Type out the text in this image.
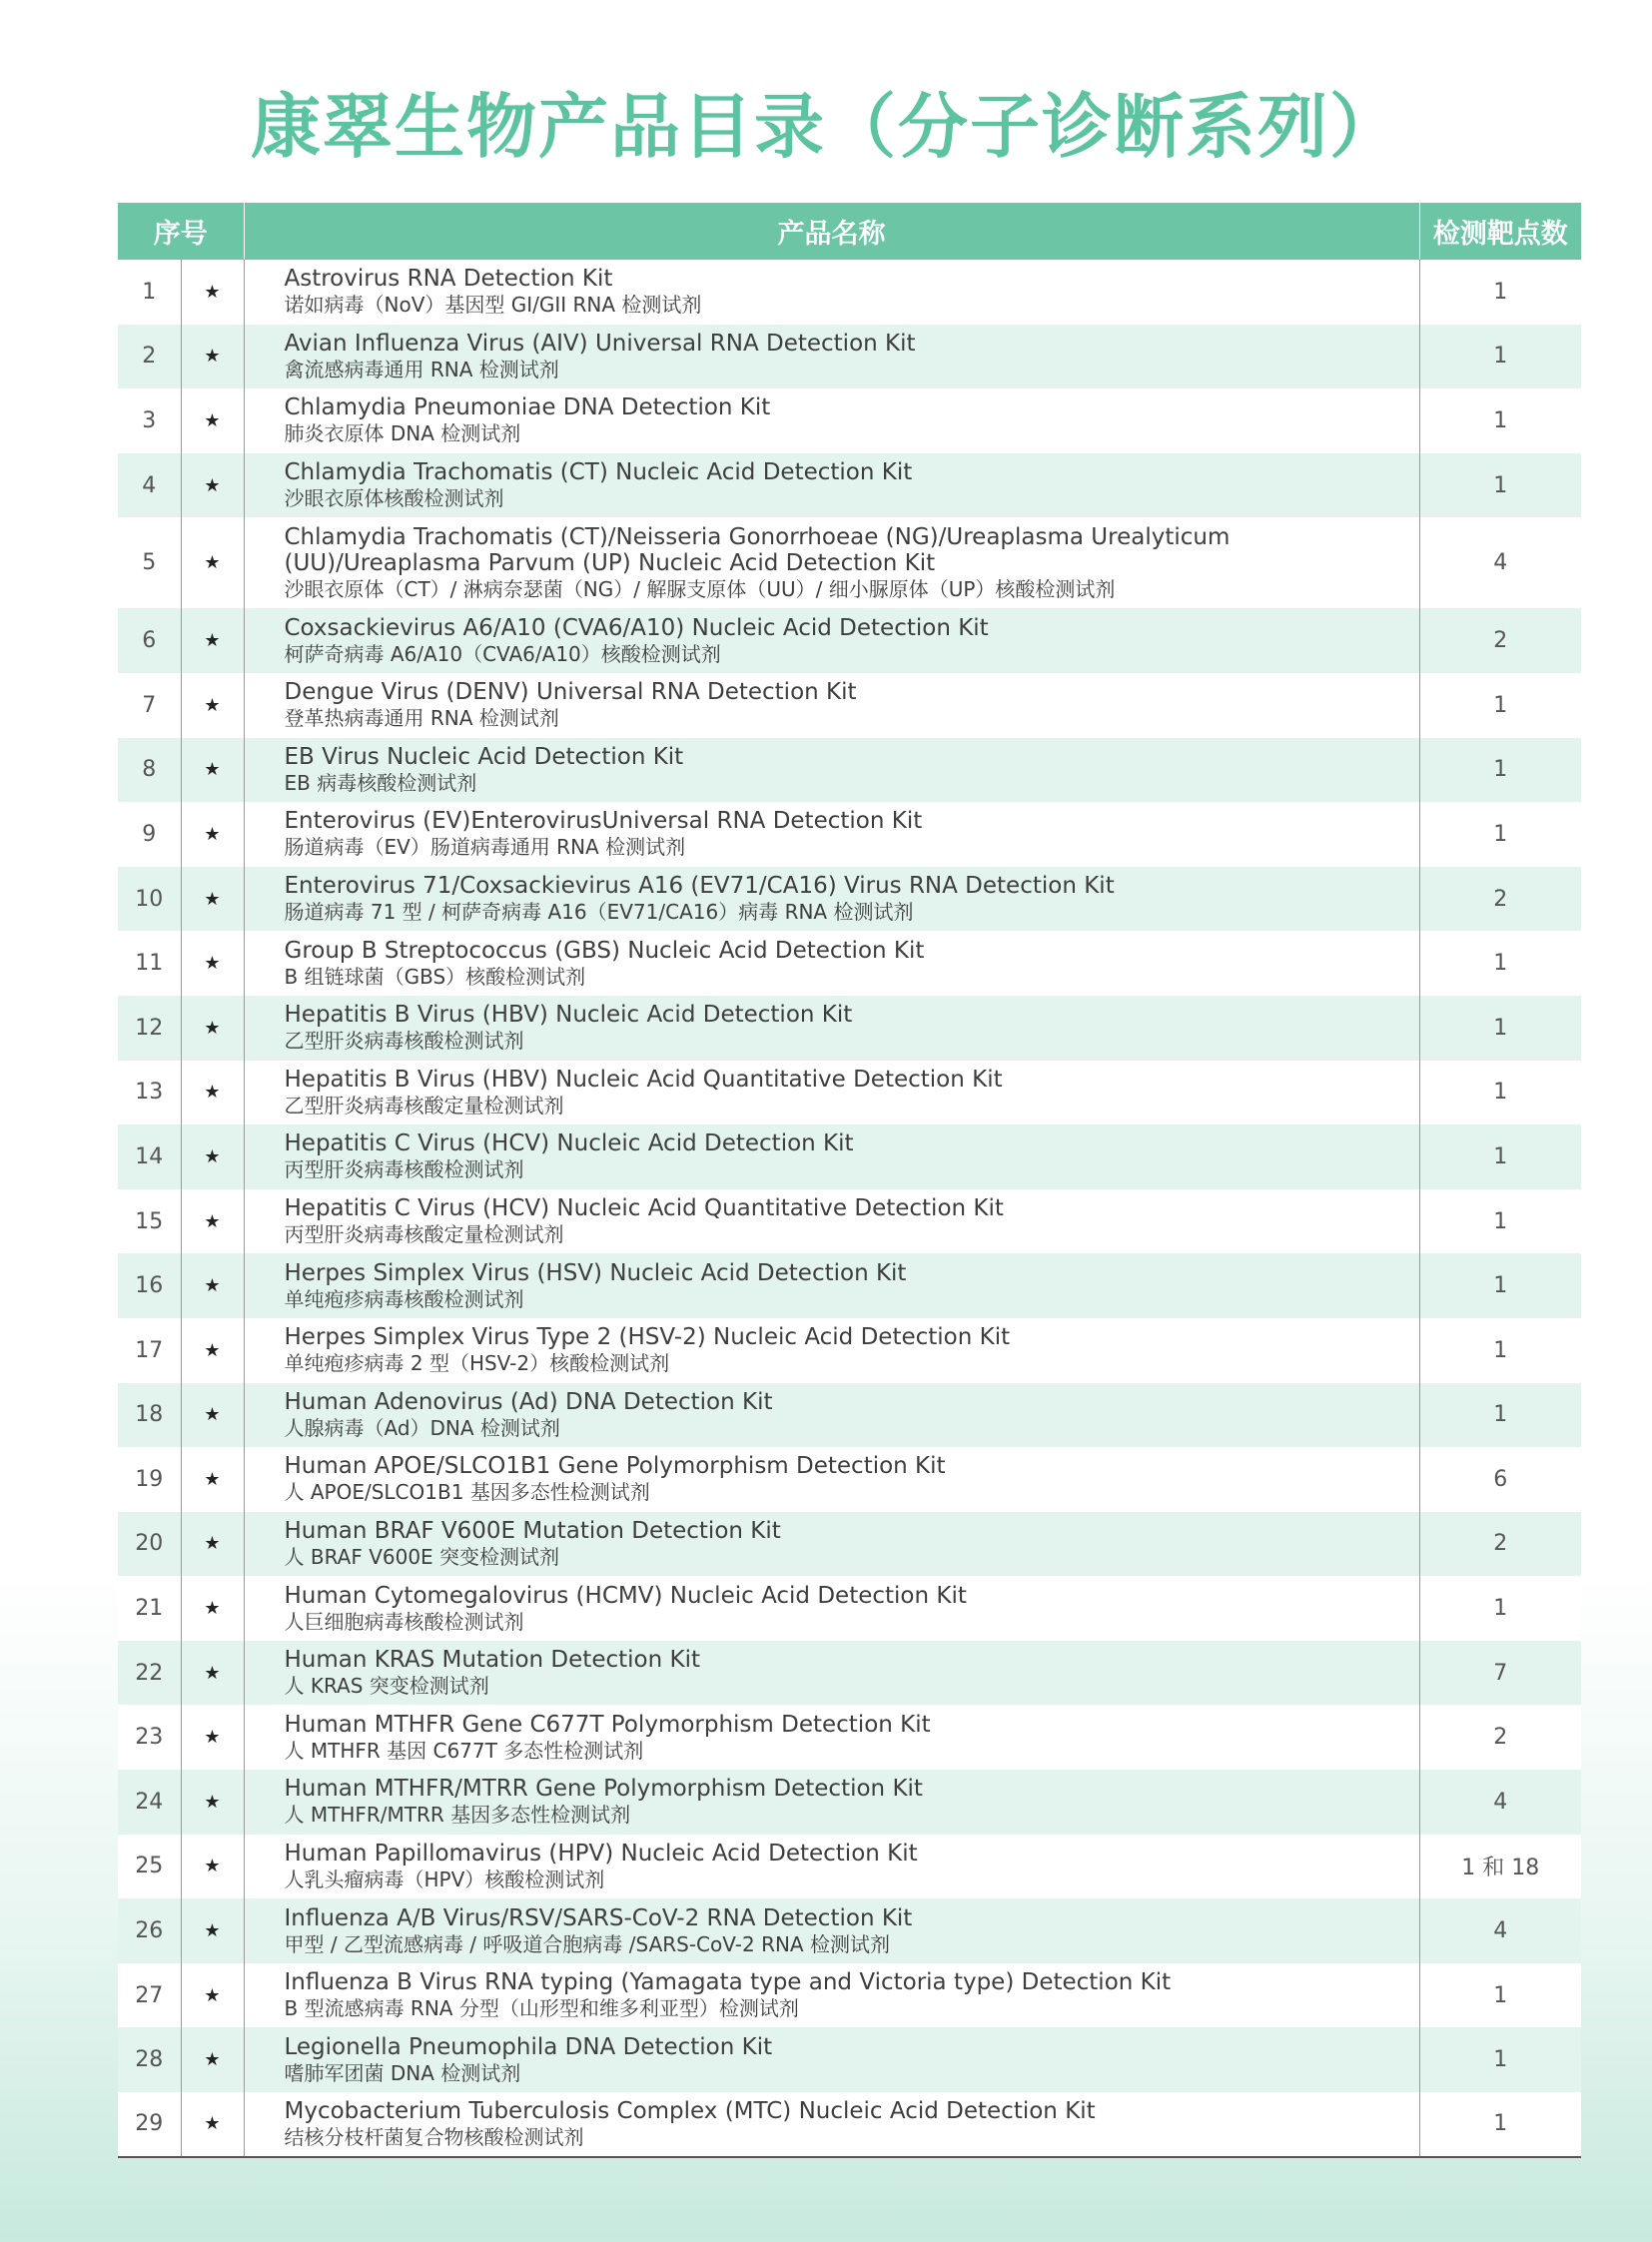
康翠生物产品目录（分子诊断系列）
序号		产品名称	检测靶点数
1	★	Astrovirus RNA Detection Kit
诺如病毒（NoV）基因型 GI/GII RNA 检测试剂	1
2	★	Avian Influenza Virus (AIV) Universal RNA Detection Kit
禽流感病毒通用 RNA 检测试剂	1
3	★	Chlamydia Pneumoniae DNA Detection Kit
肺炎衣原体 DNA 检测试剂	1
4	★	Chlamydia Trachomatis (CT) Nucleic Acid Detection Kit
沙眼衣原体核酸检测试剂	1
5	★	Chlamydia Trachomatis (CT)/Neisseria Gonorrhoeae (NG)/Ureaplasma Urealyticum (UU)/Ureaplasma Parvum (UP) Nucleic Acid Detection Kit
沙眼衣原体（CT）/ 淋病奈瑟菌（NG）/ 解脲支原体（UU）/ 细小脲原体（UP）核酸检测试剂	4
6	★	Coxsackievirus A6/A10 (CVA6/A10) Nucleic Acid Detection Kit
柯萨奇病毒 A6/A10（CVA6/A10）核酸检测试剂	2
7	★	Dengue Virus (DENV) Universal RNA Detection Kit
登革热病毒通用 RNA 检测试剂	1
8	★	EB Virus Nucleic Acid Detection Kit
EB 病毒核酸检测试剂	1
9	★	Enterovirus (EV)EnterovirusUniversal RNA Detection Kit
肠道病毒（EV）肠道病毒通用 RNA 检测试剂	1
10	★	Enterovirus 71/Coxsackievirus A16 (EV71/CA16) Virus RNA Detection Kit
肠道病毒 71 型 / 柯萨奇病毒 A16（EV71/CA16）病毒 RNA 检测试剂	2
11	★	Group B Streptococcus (GBS) Nucleic Acid Detection Kit
B 组链球菌（GBS）核酸检测试剂	1
12	★	Hepatitis B Virus (HBV) Nucleic Acid Detection Kit
乙型肝炎病毒核酸检测试剂	1
13	★	Hepatitis B Virus (HBV) Nucleic Acid Quantitative Detection Kit
乙型肝炎病毒核酸定量检测试剂	1
14	★	Hepatitis C Virus (HCV) Nucleic Acid Detection Kit
丙型肝炎病毒核酸检测试剂	1
15	★	Hepatitis C Virus (HCV) Nucleic Acid Quantitative Detection Kit
丙型肝炎病毒核酸定量检测试剂	1
16	★	Herpes Simplex Virus (HSV) Nucleic Acid Detection Kit
单纯疱疹病毒核酸检测试剂	1
17	★	Herpes Simplex Virus Type 2 (HSV-2) Nucleic Acid Detection Kit
单纯疱疹病毒 2 型（HSV-2）核酸检测试剂	1
18	★	Human Adenovirus (Ad) DNA Detection Kit
人腺病毒（Ad）DNA 检测试剂	1
19	★	Human APOE/SLCO1B1 Gene Polymorphism Detection Kit
人 APOE/SLCO1B1 基因多态性检测试剂	6
20	★	Human BRAF V600E Mutation Detection Kit
人 BRAF V600E 突变检测试剂	2
21	★	Human Cytomegalovirus (HCMV) Nucleic Acid Detection Kit
人巨细胞病毒核酸检测试剂	1
22	★	Human KRAS Mutation Detection Kit
人 KRAS 突变检测试剂	7
23	★	Human MTHFR Gene C677T Polymorphism Detection Kit
人 MTHFR 基因 C677T 多态性检测试剂	2
24	★	Human MTHFR/MTRR Gene Polymorphism Detection Kit
人 MTHFR/MTRR 基因多态性检测试剂	4
25	★	Human Papillomavirus (HPV) Nucleic Acid Detection Kit
人乳头瘤病毒（HPV）核酸检测试剂	1 和 18
26	★	Influenza A/B Virus/RSV/SARS-CoV-2 RNA Detection Kit
甲型 / 乙型流感病毒 / 呼吸道合胞病毒 /SARS-CoV-2 RNA 检测试剂	4
27	★	Influenza B Virus RNA typing (Yamagata type and Victoria type) Detection Kit
B 型流感病毒 RNA 分型（山形型和维多利亚型）检测试剂	1
28	★	Legionella Pneumophila DNA Detection Kit
嗜肺军团菌 DNA 检测试剂	1
29	★	Mycobacterium Tuberculosis Complex (MTC) Nucleic Acid Detection Kit
结核分枝杆菌复合物核酸检测试剂	1
